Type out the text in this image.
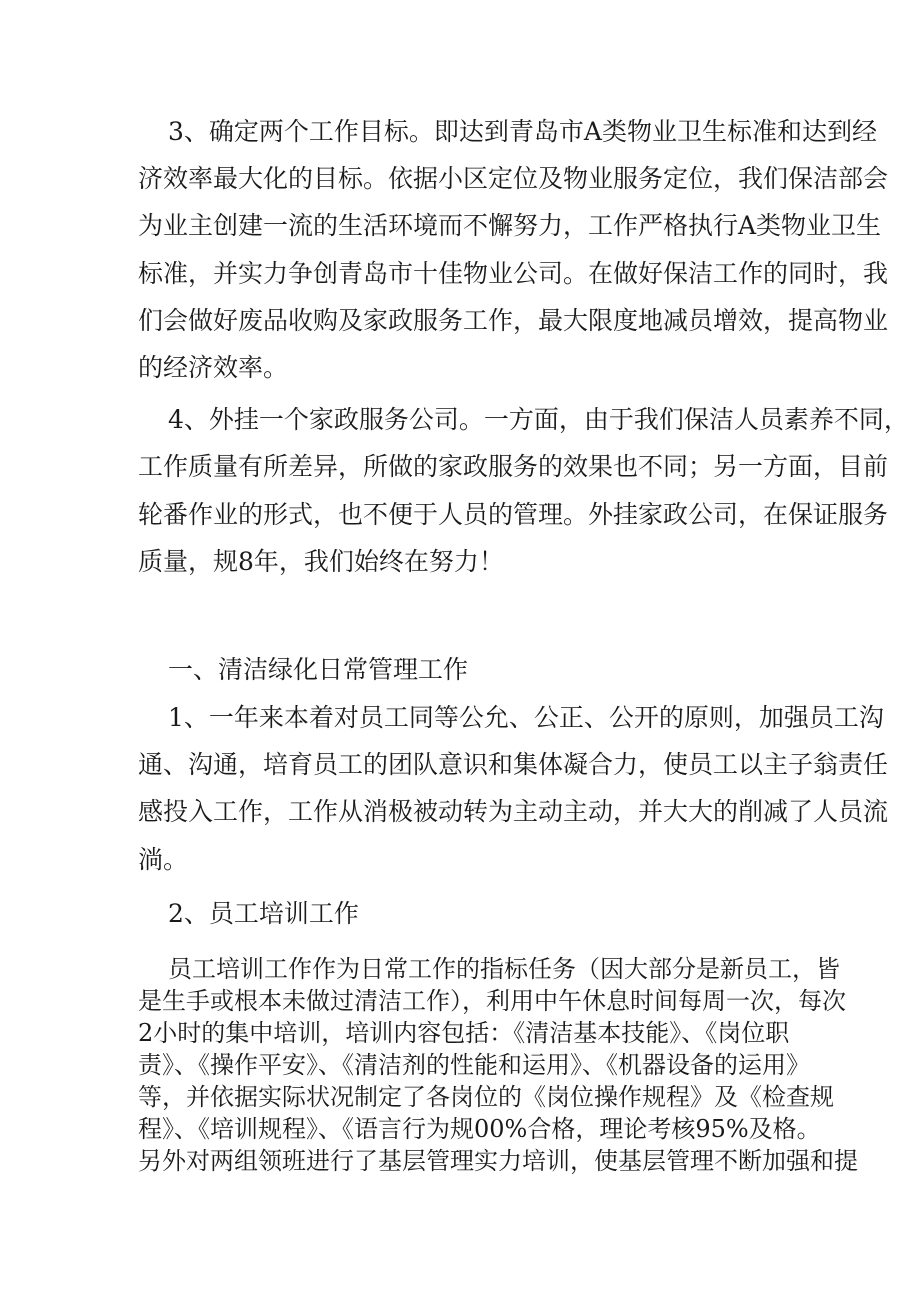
3、确定两个工作目标。即达到青岛市A类物业卫生标准和达到经
济效率最大化的目标。依据小区定位及物业服务定位，我们保洁部会
为业主创建一流的生活环境而不懈努力，工作严格执行A类物业卫生
标准，并实力争创青岛市十佳物业公司。在做好保洁工作的同时，我
们会做好废品收购及家政服务工作，最大限度地减员增效，提高物业
的经济效率。
4、外挂一个家政服务公司。一方面，由于我们保洁人员素养不同，
工作质量有所差异，所做的家政服务的效果也不同；另一方面，目前
轮番作业的形式，也不便于人员的管理。外挂家政公司，在保证服务
质量，规8年，我们始终在努力！
一、清洁绿化日常管理工作
1、一年来本着对员工同等公允、公正、公开的原则，加强员工沟
通、沟通，培育员工的团队意识和集体凝合力，使员工以主子翁责任
感投入工作，工作从消极被动转为主动主动，并大大的削减了人员流
淌。
2、员工培训工作
员工培训工作作为日常工作的指标任务（因大部分是新员工，皆
是生手或根本未做过清洁工作），利用中午休息时间每周一次，每次
2小时的集中培训，培训内容包括：《清洁基本技能》、《岗位职
责》、《操作平安》、《清洁剂的性能和运用》、《机器设备的运用》
等，并依据实际状况制定了各岗位的《岗位操作规程》及《检查规
程》、《培训规程》、《语言行为规00%合格，理论考核95%及格。
另外对两组领班进行了基层管理实力培训，使基层管理不断加强和提
